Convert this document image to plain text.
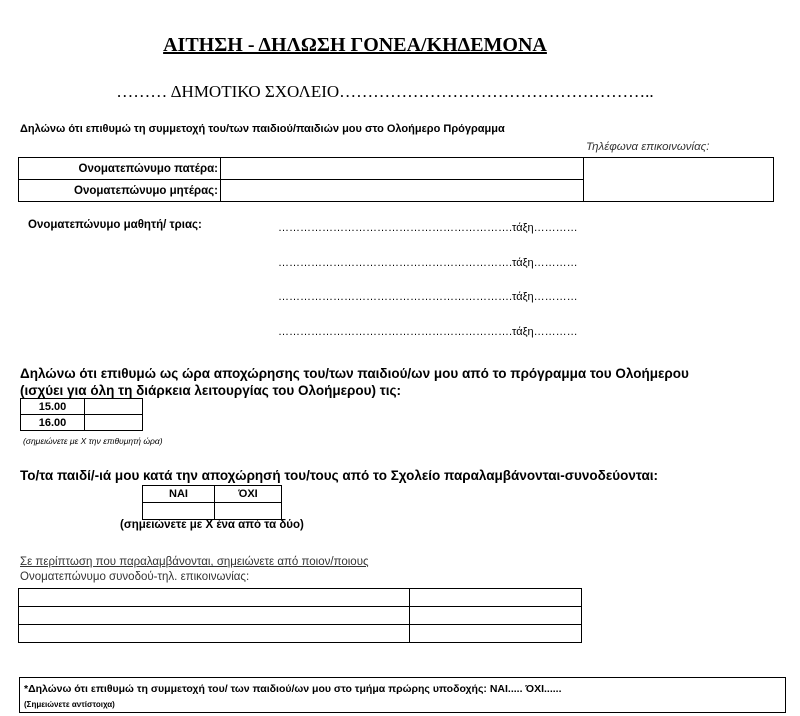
ΑΙΤΗΣΗ - ΔΗΛΩΣΗ ΓΟΝΕΑ/ΚΗΔΕΜΟΝΑ
……… ΔΗΜΟΤΙΚΟ ΣΧΟΛΕΙΟ………………………………………………..
Δηλώνω ότι επιθυμώ τη συμμετοχή του/των παιδιού/παιδιών μου στο Ολοήμερο Πρόγραμμα
Τηλέφωνα επικοινωνίας:
Ονοματεπώνυμο πατέρα:		
Ονοματεπώνυμο μητέρας:		
Ονοματεπώνυμο μαθητή/ τριας:	……………………………………………………….τάξη…………
……………………………………………………….τάξη…………
……………………………………………………….τάξη…………
……………………………………………………….τάξη…………
Δηλώνω ότι επιθυμώ ως ώρα αποχώρησης του/των παιδιού/ων μου από το πρόγραμμα του Ολοήμερου
(ισχύει για όλη τη διάρκεια λειτουργίας του Ολοήμερου) τις:
15.00	
16.00	
(σημειώνετε με Χ την επιθυμητή ώρα)
Το/τα παιδί/-ιά μου κατά την αποχώρησή του/τους από το Σχολείο παραλαμβάνονται-συνοδεύονται:
ΝΑΙ	ΌΧΙ

(σημειώνετε με Χ ένα από τα δύο)
Σε περίπτωση που παραλαμβάνονται, σημειώνετε από ποιον/ποιους
Ονοματεπώνυμο συνοδού-τηλ. επικοινωνίας:

*Δηλώνω ότι επιθυμώ τη συμμετοχή του/ των παιδιού/ων μου στο τμήμα πρώρης υποδοχής: ΝΑΙ..... ΌΧΙ......
(Σημειώνετε αντίστοιχα)
